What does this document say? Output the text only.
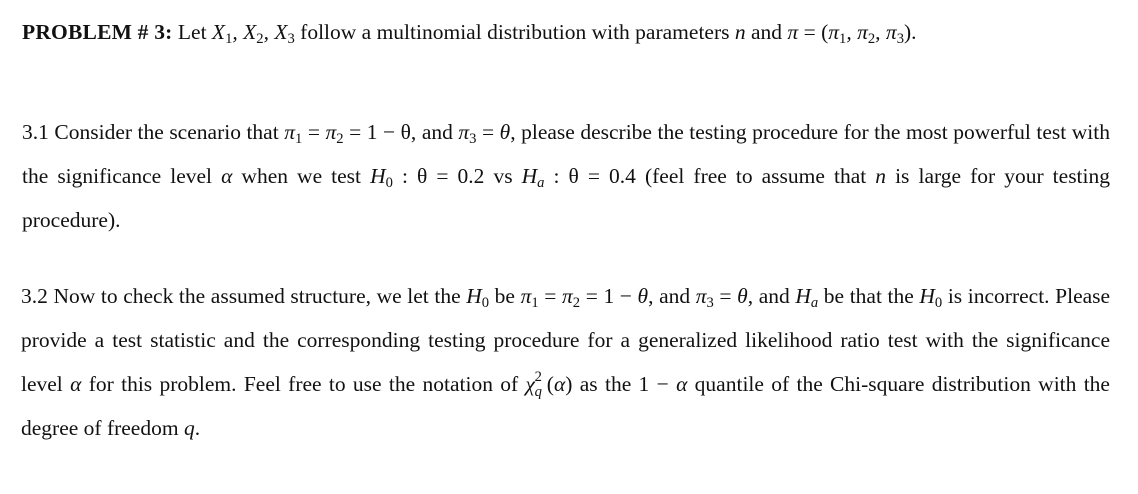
PROBLEM # 3: Let $X_1$, $X_2$, $X_3$ follow a multinomial distribution with parameters n and $\pi = (\pi_1$, $\pi_2$, $\pi_3$).
3.1 Consider the scenario that $\pi_1 = \pi_2 = 1 - \theta$, and $\pi_3 = \theta$, please describe the testing procedure for the most powerful test with the significance level α when we test $H_0$ : θ = 0.2 vs $H_a$ : θ = 0.4 (feel free to assume that n is large for your testing procedure).
3.2 Now to check the assumed structure, we let the $H_0$ be $\pi_1 = \pi_2 = 1 - \theta$, and $\pi_3 = \theta$, and $H_a$ be that the $H_0$ is incorrect. Please provide a test statistic and the corresponding testing procedure for a generalized likelihood ratio test with the significance level α for this problem. Feel free to use the notation of χ 2
q (α) as the 1 − α quantile of the Chi-square distribution with the degree of freedom q.
